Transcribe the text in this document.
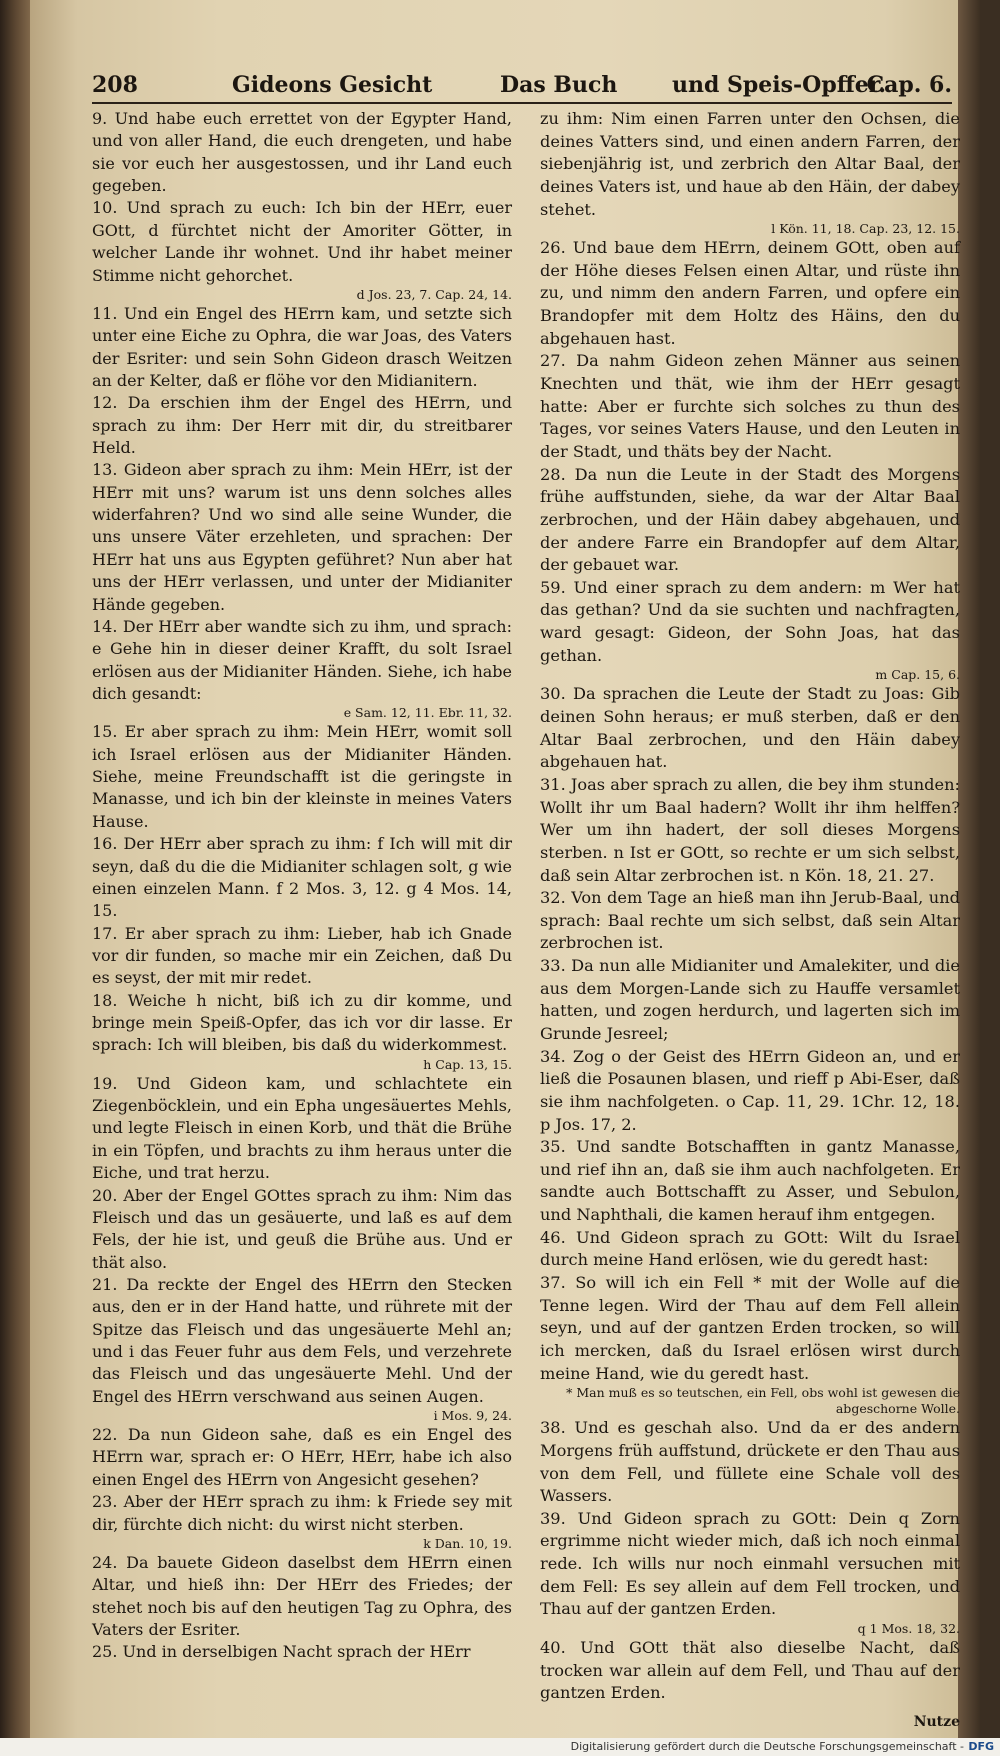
208	Gideons Gesicht	Das Buch und Speis-Opffer.
Cap. 6.

9. Und habe euch errettet von der Egypter Hand, und von aller Hand, die euch drengeten, und habe sie vor euch her ausgestossen, und ihr Land euch gegeben.

10. Und sprach zu euch: Ich bin der HErr, euer GOtt, d fürchtet nicht der Amoriter Götter, in welcher Lande ihr wohnet. Und ihr habet meiner Stimme nicht gehorchet.

d Jos. 23, 7. Cap. 24, 14.

11. Und ein Engel des HErrn kam, und setzte sich unter eine Eiche zu Ophra, die war Joas, des Vaters der Esriter: und sein Sohn Gideon drasch Weitzen an der Kelter, daß er flöhe vor den Midianitern.

12. Da erschien ihm der Engel des HErrn, und sprach zu ihm: Der Herr mit dir, du streitbarer Held.

13. Gideon aber sprach zu ihm: Mein HErr, ist der HErr mit uns? warum ist uns denn solches alles widerfahren? Und wo sind alle seine Wunder, die uns unsere Väter erzehleten, und sprachen: Der HErr hat uns aus Egypten geführet? Nun aber hat uns der HErr verlassen, und unter der Midianiter Hände gegeben.

14. Der HErr aber wandte sich zu ihm, und sprach: e Gehe hin in dieser deiner Krafft, du solt Israel erlösen aus der Midianiter Händen. Siehe, ich habe dich gesandt:

e Sam. 12, 11. Ebr. 11, 32.

15. Er aber sprach zu ihm: Mein HErr, womit soll ich Israel erlösen aus der Midianiter Händen. Siehe, meine Freundschafft ist die geringste in Manasse, und ich bin der kleinste in meines Vaters Hause.

16. Der HErr aber sprach zu ihm: f Ich will mit dir seyn, daß du die die Midianiter schlagen solt, g wie einen einzelen Mann. f 2 Mos. 3, 12. g 4 Mos. 14, 15.

17. Er aber sprach zu ihm: Lieber, hab ich Gnade vor dir funden, so mache mir ein Zeichen, daß Du es seyst, der mit mir redet.

18. Weiche h nicht, biß ich zu dir komme, und bringe mein Speiß-Opfer, das ich vor dir lasse. Er sprach: Ich will bleiben, bis daß du widerkommest.

h Cap. 13, 15.

19. Und Gideon kam, und schlachtete ein Ziegenböcklein, und ein Epha ungesäuertes Mehls, und legte Fleisch in einen Korb, und thät die Brühe in ein Töpfen, und brachts zu ihm heraus unter die Eiche, und trat herzu.

20. Aber der Engel GOttes sprach zu ihm: Nim das Fleisch und das un gesäuerte, und laß es auf dem Fels, der hie ist, und geuß die Brühe aus. Und er thät also.

21. Da reckte der Engel des HErrn den Stecken aus, den er in der Hand hatte, und rührete mit der Spitze das Fleisch und das ungesäuerte Mehl an; und i das Feuer fuhr aus dem Fels, und verzehrete das Fleisch und das ungesäuerte Mehl. Und der Engel des HErrn verschwand aus seinen Augen.

i Mos. 9, 24.

22. Da nun Gideon sahe, daß es ein Engel des HErrn war, sprach er: O HErr, HErr, habe ich also einen Engel des HErrn von Angesicht gesehen?

23. Aber der HErr sprach zu ihm: k Friede sey mit dir, fürchte dich nicht: du wirst nicht sterben.

k Dan. 10, 19.

24. Da bauete Gideon daselbst dem HErrn einen Altar, und hieß ihn: Der HErr des Friedes; der stehet noch bis auf den heutigen Tag zu Ophra, des Vaters der Esriter.

25. Und in derselbigen Nacht sprach der HErr

zu ihm: Nim einen Farren unter den Ochsen, die deines Vatters sind, und einen andern Farren, der siebenjährig ist, und zerbrich den Altar Baal, der deines Vaters ist, und haue ab den Häin, der dabey stehet.

l Kön. 11, 18. Cap. 23, 12. 15.

26. Und baue dem HErrn, deinem GOtt, oben auf der Höhe dieses Felsen einen Altar, und rüste ihn zu, und nimm den andern Farren, und opfere ein Brandopfer mit dem Holtz des Häins, den du abgehauen hast.

27. Da nahm Gideon zehen Männer aus seinen Knechten und thät, wie ihm der HErr gesagt hatte: Aber er furchte sich solches zu thun des Tages, vor seines Vaters Hause, und den Leuten in der Stadt, und thäts bey der Nacht.

28. Da nun die Leute in der Stadt des Morgens frühe auffstunden, siehe, da war der Altar Baal zerbrochen, und der Häin dabey abgehauen, und der andere Farre ein Brandopfer auf dem Altar, der gebauet war.

59. Und einer sprach zu dem andern: m Wer hat das gethan? Und da sie suchten und nachfragten, ward gesagt: Gideon, der Sohn Joas, hat das gethan.

m Cap. 15, 6.

30. Da sprachen die Leute der Stadt zu Joas: Gib deinen Sohn heraus; er muß sterben, daß er den Altar Baal zerbrochen, und den Häin dabey abgehauen hat.

31. Joas aber sprach zu allen, die bey ihm stunden: Wollt ihr um Baal hadern? Wollt ihr ihm helffen? Wer um ihn hadert, der soll dieses Morgens sterben. n Ist er GOtt, so rechte er um sich selbst, daß sein Altar zerbrochen ist. n Kön. 18, 21. 27.

32. Von dem Tage an hieß man ihn Jerub-Baal, und sprach: Baal rechte um sich selbst, daß sein Altar zerbrochen ist.

33. Da nun alle Midianiter und Amalekiter, und die aus dem Morgen-Lande sich zu Hauffe versamlet hatten, und zogen herdurch, und lagerten sich im Grunde Jesreel;

34. Zog o der Geist des HErrn Gideon an, und er ließ die Posaunen blasen, und rieff p Abi-Eser, daß sie ihm nachfolgeten. o Cap. 11, 29. 1Chr. 12, 18. p Jos. 17, 2.

35. Und sandte Botschafften in gantz Manasse, und rief ihn an, daß sie ihm auch nachfolgeten. Er sandte auch Bottschafft zu Asser, und Sebulon, und Naphthali, die kamen herauf ihm entgegen.

46. Und Gideon sprach zu GOtt: Wilt du Israel durch meine Hand erlösen, wie du geredt hast:

37. So will ich ein Fell * mit der Wolle auf die Tenne legen. Wird der Thau auf dem Fell allein seyn, und auf der gantzen Erden trocken, so will ich mercken, daß du Israel erlösen wirst durch meine Hand, wie du geredt hast.

* Man muß es so teutschen, ein Fell, obs wohl ist gewesen die abgeschorne Wolle.

38. Und es geschah also. Und da er des andern Morgens früh auffstund, drückete er den Thau aus von dem Fell, und füllete eine Schale voll des Wassers.

39. Und Gideon sprach zu GOtt: Dein q Zorn ergrimme nicht wieder mich, daß ich noch einmal rede. Ich wills nur noch einmahl versuchen mit dem Fell: Es sey allein auf dem Fell trocken, und Thau auf der gantzen Erden.

q 1 Mos. 18, 32.

40. Und GOtt thät also dieselbe Nacht, daß trocken war allein auf dem Fell, und Thau auf der gantzen Erden.

Nutze
Digitalisierung gefördert durch die Deutsche Forschungsgemeinschaft - DFG
